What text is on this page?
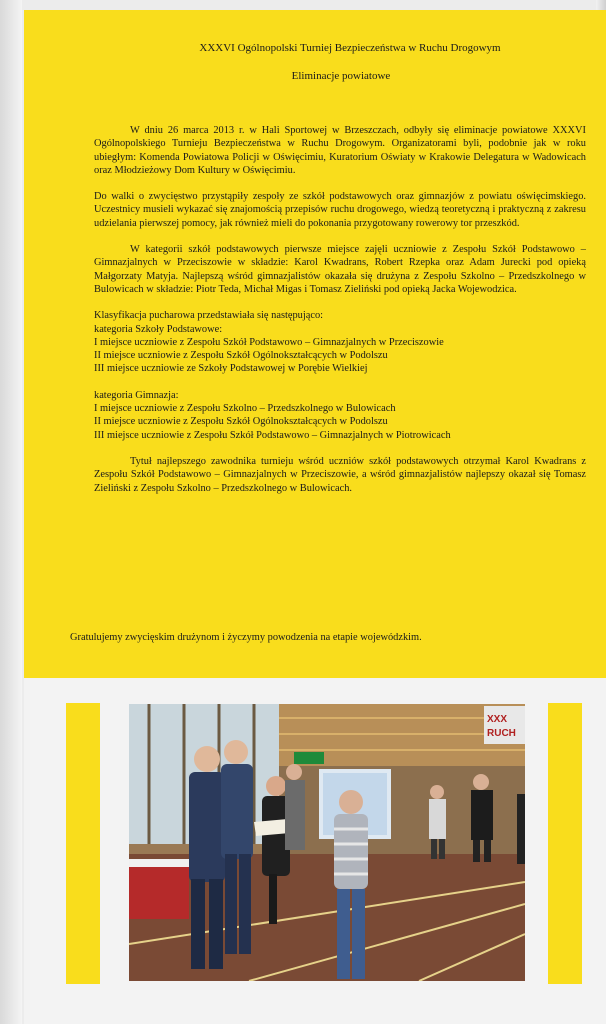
XXXVI Ogólnopolski Turniej Bezpieczeństwa w Ruchu Drogowym
Eliminacje powiatowe

W dniu 26 marca 2013 r. w Hali Sportowej w Brzeszczach, odbyły się eliminacje powiatowe XXXVI Ogólnopolskiego Turnieju Bezpieczeństwa w Ruchu Drogowym. Organizatorami byli, podobnie jak w roku ubiegłym: Komenda Powiatowa Policji w Oświęcimiu, Kuratorium Oświaty w Krakowie Delegatura w Wadowicach oraz Młodzieżowy Dom Kultury w Oświęcimiu.

Do walki o zwycięstwo przystąpiły zespoły ze szkół podstawowych oraz gimnazjów z powiatu oświęcimskiego. Uczestnicy musieli wykazać się znajomością przepisów ruchu drogowego, wiedzą teoretyczną i praktyczną z zakresu udzielania pierwszej pomocy, jak również mieli do pokonania przygotowany rowerowy tor przeszkód.

W kategorii szkół podstawowych pierwsze miejsce zajęli uczniowie z Zespołu Szkół Podstawowo – Gimnazjalnych w Przeciszowie w składzie: Karol Kwadrans, Robert Rzepka oraz Adam Jurecki pod opieką Małgorzaty Matyja. Najlepszą wśród gimnazjalistów okazała się drużyna z Zespołu Szkolno – Przedszkolnego w Bulowicach w składzie: Piotr Teda, Michał Migas i Tomasz Zieliński pod opieką Jacka Wojewodzica.

Klasyfikacja pucharowa przedstawiała się następująco:
kategoria Szkoły Podstawowe:
I miejsce uczniowie z Zespołu Szkół Podstawowo – Gimnazjalnych w Przeciszowie
II miejsce uczniowie z Zespołu Szkół Ogólnokształcących w Podolszu
III miejsce uczniowie ze Szkoły Podstawowej w Porębie Wielkiej
kategoria Gimnazja:
I miejsce uczniowie z Zespołu Szkolno – Przedszkolnego w Bulowicach
II miejsce uczniowie z Zespołu Szkół Ogólnokształcących w Podolszu
III miejsce uczniowie z Zespołu Szkół Podstawowo – Gimnazjalnych w Piotrowicach

Tytuł najlepszego zawodnika turnieju wśród uczniów szkół podstawowych otrzymał Karol Kwadrans z Zespołu Szkół Podstawowo – Gimnazjalnych w Przeciszowie, a wśród gimnazjalistów najlepszy okazał się Tomasz Zieliński z Zespołu Szkolno – Przedszkolnego w Bulowicach.

Gratulujemy zwycięskim drużynom i życzymy powodzenia na etapie wojewódzkim.
XXX
RUCH
